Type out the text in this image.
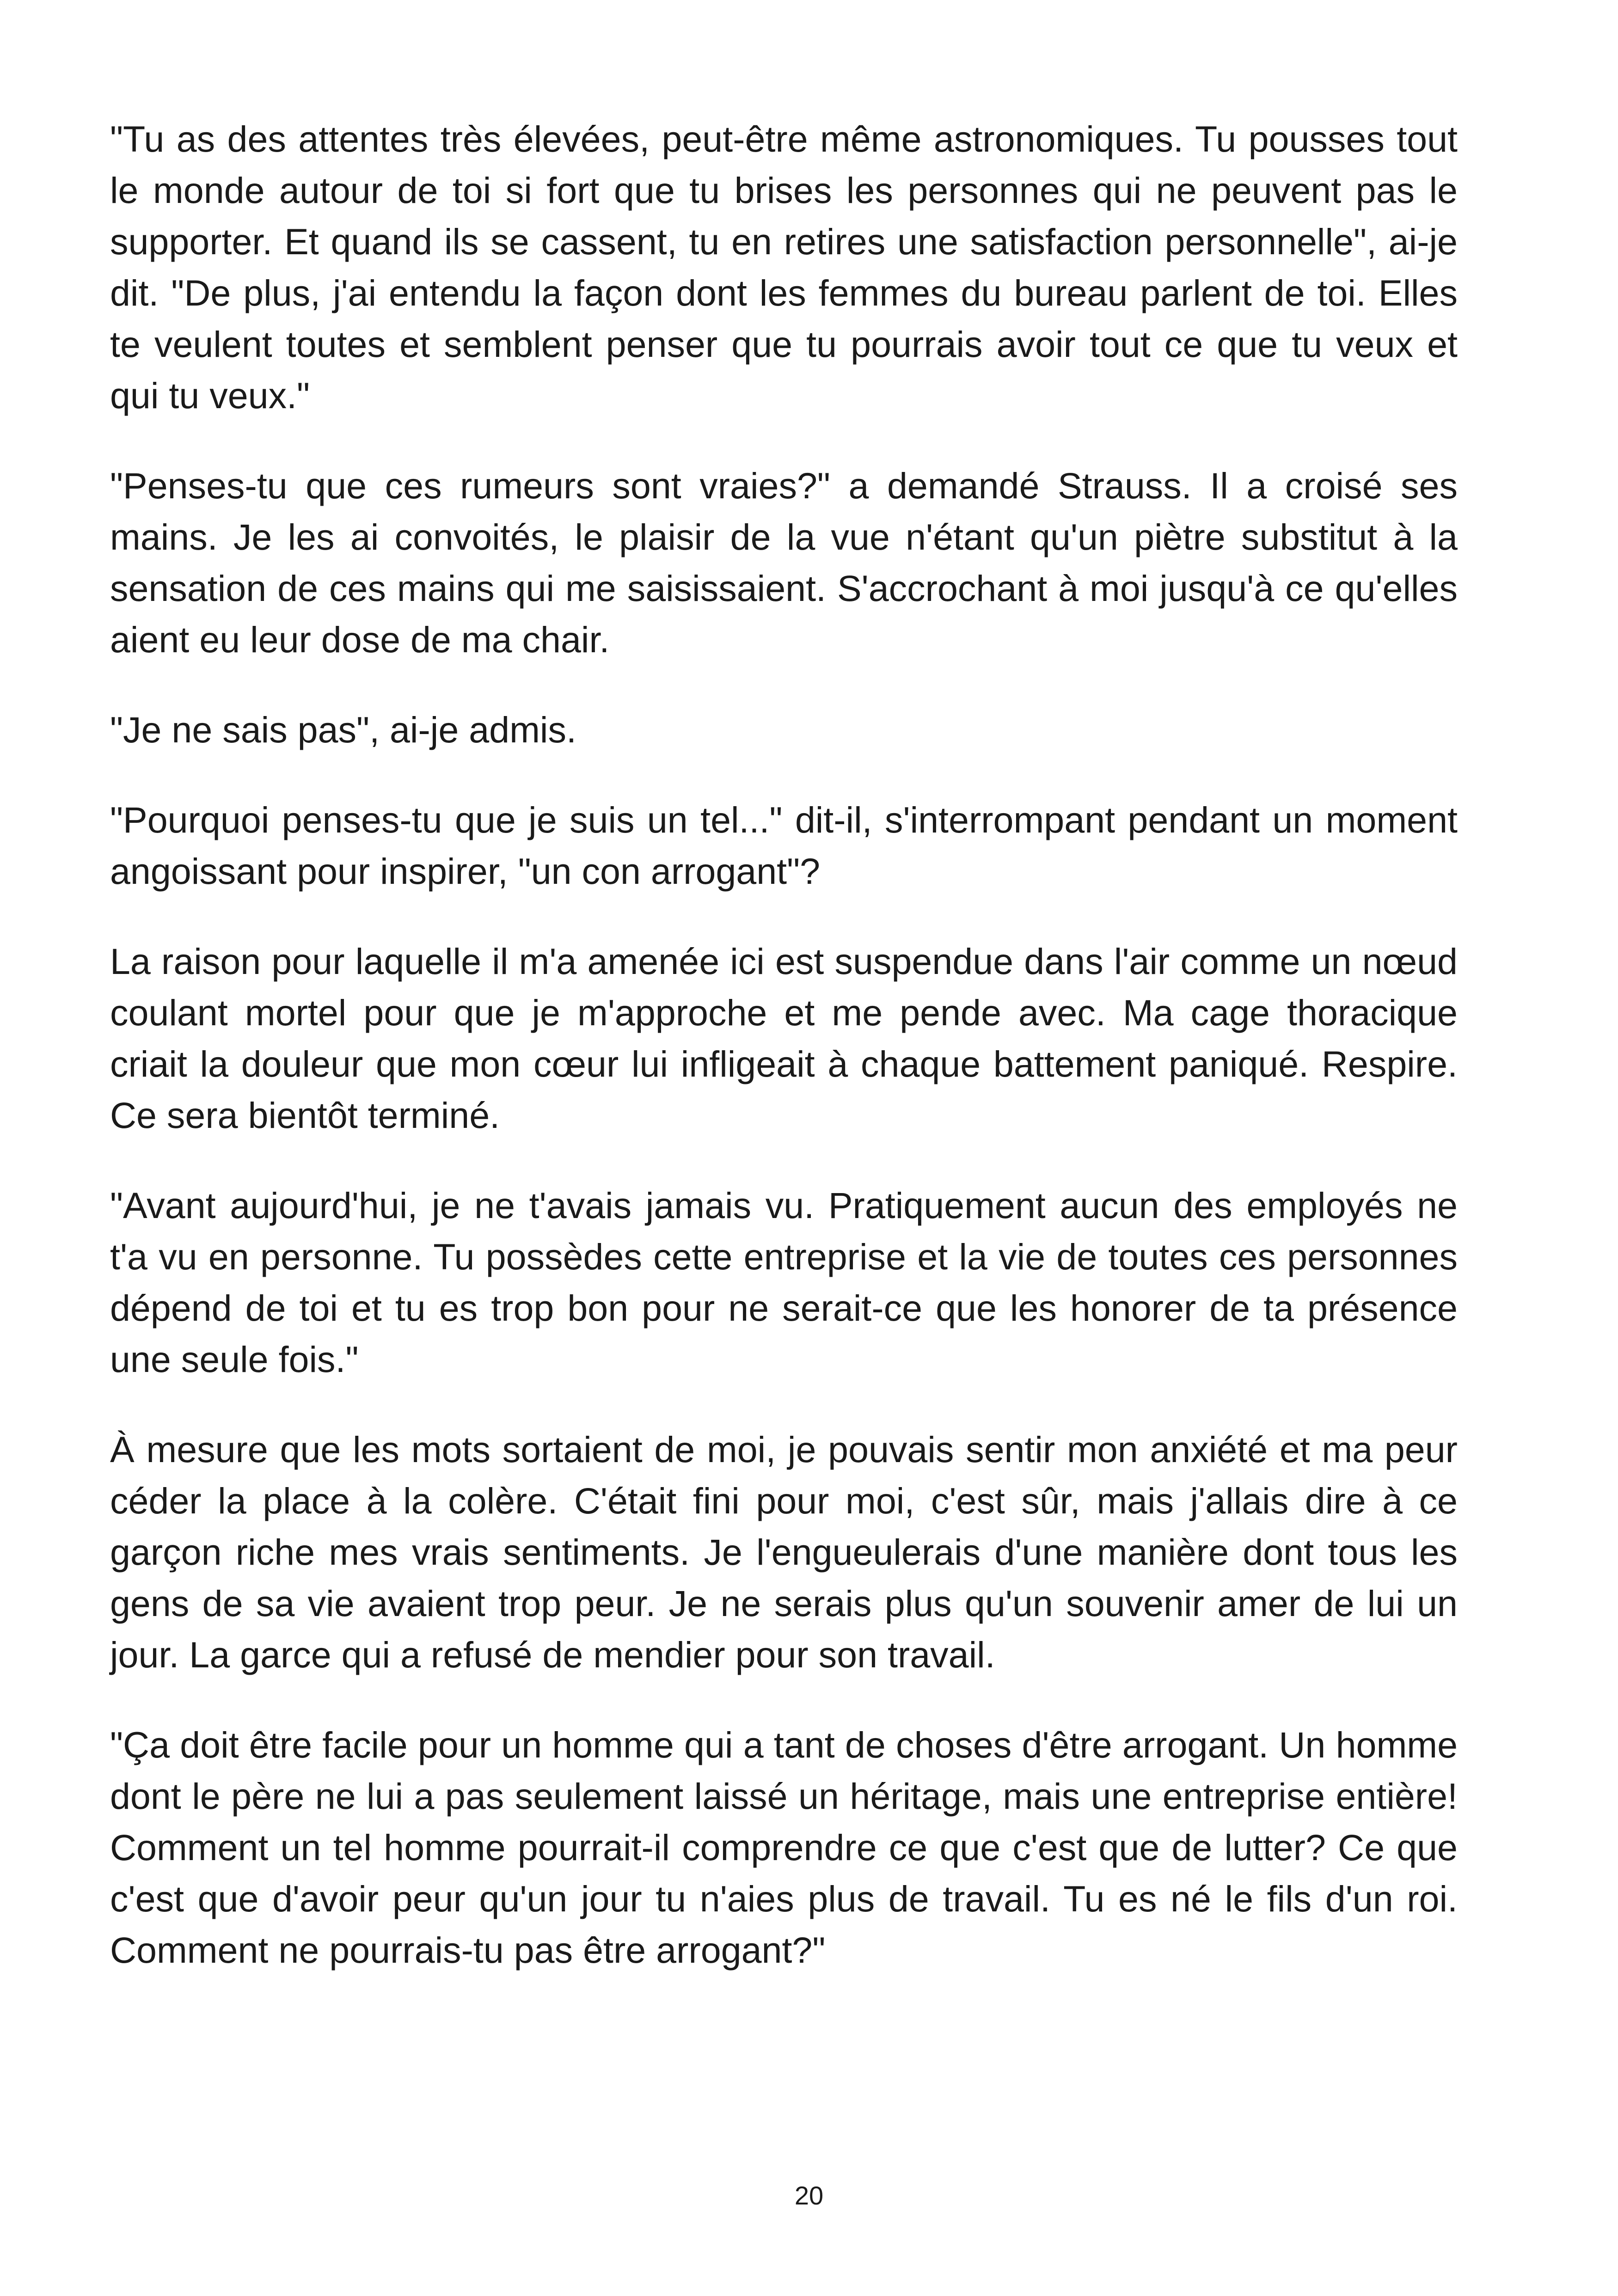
"Tu as des attentes très élevées, peut-être même astronomiques. Tu pousses tout le monde autour de toi si fort que tu brises les personnes qui ne peuvent pas le supporter. Et quand ils se cassent, tu en retires une satisfaction personnelle", ai-je dit. "De plus, j'ai entendu la façon dont les femmes du bureau parlent de toi. Elles te veulent toutes et semblent penser que tu pourrais avoir tout ce que tu veux et qui tu veux."

"Penses-tu que ces rumeurs sont vraies?" a demandé Strauss. Il a croisé ses mains. Je les ai convoités, le plaisir de la vue n'étant qu'un piètre substitut à la sensation de ces mains qui me saisissaient. S'accrochant à moi jusqu'à ce qu'elles aient eu leur dose de ma chair.

"Je ne sais pas", ai-je admis.

"Pourquoi penses-tu que je suis un tel..." dit-il, s'interrompant pendant un moment angoissant pour inspirer, "un con arrogant"?

La raison pour laquelle il m'a amenée ici est suspendue dans l'air comme un nœud coulant mortel pour que je m'approche et me pende avec. Ma cage thoracique criait la douleur que mon cœur lui infligeait à chaque battement paniqué. Respire. Ce sera bientôt terminé.

"Avant aujourd'hui, je ne t'avais jamais vu. Pratiquement aucun des employés ne t'a vu en personne. Tu possèdes cette entreprise et la vie de toutes ces personnes dépend de toi et tu es trop bon pour ne serait-ce que les honorer de ta présence une seule fois."

À mesure que les mots sortaient de moi, je pouvais sentir mon anxiété et ma peur céder la place à la colère. C'était fini pour moi, c'est sûr, mais j'allais dire à ce garçon riche mes vrais sentiments. Je l'engueulerais d'une manière dont tous les gens de sa vie avaient trop peur. Je ne serais plus qu'un souvenir amer de lui un jour. La garce qui a refusé de mendier pour son travail.

"Ça doit être facile pour un homme qui a tant de choses d'être arrogant. Un homme dont le père ne lui a pas seulement laissé un héritage, mais une entreprise entière! Comment un tel homme pourrait-il comprendre ce que c'est que de lutter? Ce que c'est que d'avoir peur qu'un jour tu n'aies plus de travail. Tu es né le fils d'un roi. Comment ne pourrais-tu pas être arrogant?"

20
